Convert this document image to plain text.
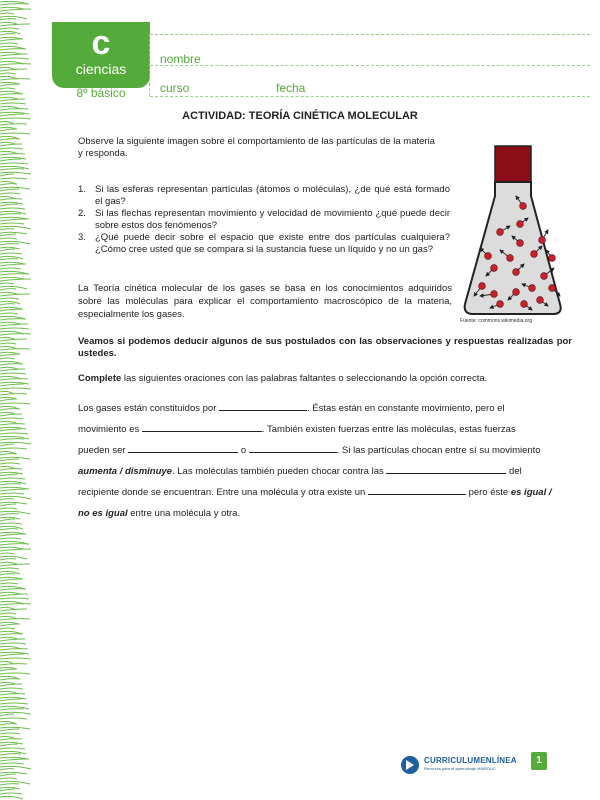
c
ciencias
8º básico
nombre
curso	fecha
ACTIVIDAD: TEORÍA CINÉTICA MOLECULAR
Observe la siguiente imagen sobre el comportamiento de las partículas de la materia y responda.
1. Si las esferas representan partículas (átomos o moléculas), ¿de qué está formado el gas?
2. Si las flechas representan movimiento y velocidad de movimiento ¿qué puede decir sobre estos dos fenómenos?
3. ¿Qué puede decir sobre el espacio que existe entre dos partículas cualquiera? ¿Cómo cree usted que se compara si la sustancia fuese un líquido y no un gas?
La Teoría cinética molecular de los gases se basa en los conocimientos adquiridos sobre las moléculas para explicar el comportamiento macroscópico de la materia, especialmente los gases.
Fuente: commons.wikimedia.org
Veamos si podemos deducir algunos de sus postulados con las observaciones y respuestas realizadas por ustedes.
Complete las siguientes oraciones con las palabras faltantes o seleccionando la opción correcta.
Los gases están constituidos por	. Éstas están en constante movimiento, pero el
movimiento es	. También existen fuerzas entre las moléculas, estas fuerzas
pueden ser	o	. Si las partículas chocan entre sí su movimiento
aumenta / disminuye. Las moléculas también pueden chocar contra las	del
recipiente donde se encuentran. Entre una molécula y otra existe un	pero éste es igual /
no es igual entre una molécula y otra.
CURRICULUMENLÍNEA
Recursos para el aprendizaje MINEDUC
1
